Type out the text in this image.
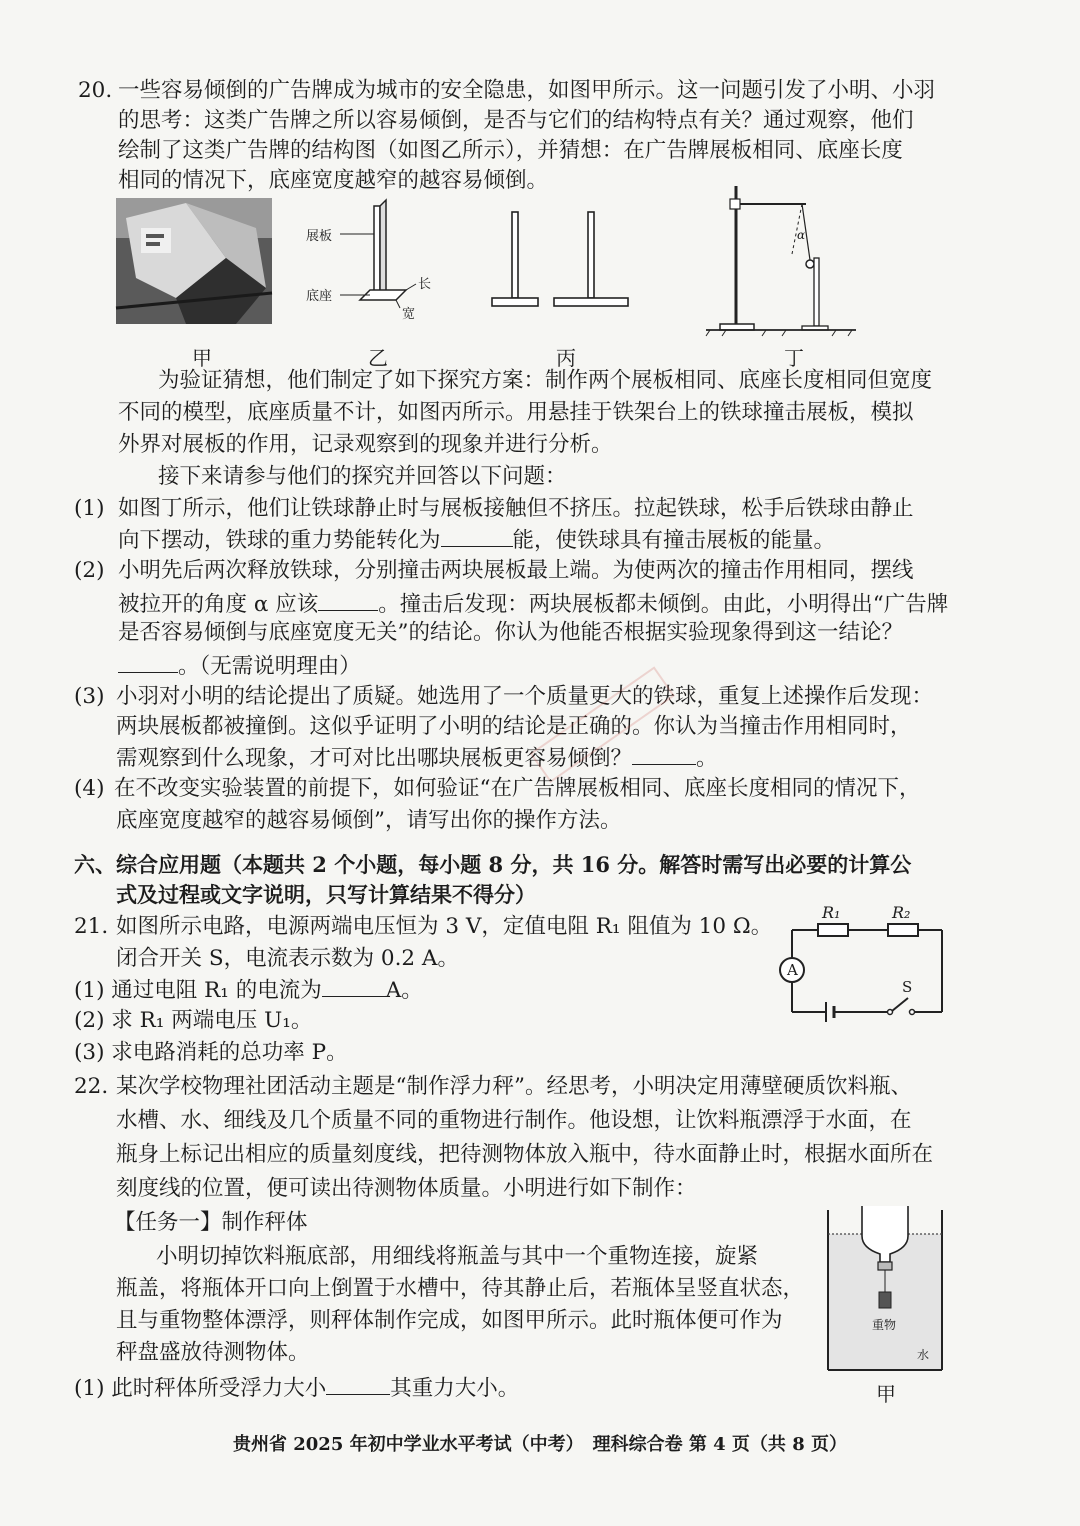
20. 一些容易倾倒的广告牌成为城市的安全隐患，如图甲所示。这一问题引发了小明、小羽
的思考：这类广告牌之所以容易倾倒，是否与它们的结构特点有关？通过观察，他们
绘制了这类广告牌的结构图（如图乙所示），并猜想：在广告牌展板相同、底座长度
相同的情况下，底座宽度越窄的越容易倾倒。
甲
展板
底座
长
宽
乙	丙
α
丁
为验证猜想，他们制定了如下探究方案：制作两个展板相同、底座长度相同但宽度
不同的模型，底座质量不计，如图丙所示。用悬挂于铁架台上的铁球撞击展板，模拟
外界对展板的作用，记录观察到的现象并进行分析。
接下来请参与他们的探究并回答以下问题：
(1) 如图丁所示，他们让铁球静止时与展板接触但不挤压。拉起铁球，松手后铁球由静止
向下摆动，铁球的重力势能转化为	能，使铁球具有撞击展板的能量。
(2) 小明先后两次释放铁球，分别撞击两块展板最上端。为使两次的撞击作用相同，摆线
被拉开的角度 α 应该	。撞击后发现：两块展板都未倾倒。由此，小明得出“广告牌
是否容易倾倒与底座宽度无关”的结论。你认为他能否根据实验现象得到这一结论？
。（无需说明理由）
(3) 小羽对小明的结论提出了质疑。她选用了一个质量更大的铁球，重复上述操作后发现：
两块展板都被撞倒。这似乎证明了小明的结论是正确的。你认为当撞击作用相同时，
需观察到什么现象，才可对比出哪块展板更容易倾倒？	。
(4) 在不改变实验装置的前提下，如何验证“在广告牌展板相同、底座长度相同的情况下，
底座宽度越窄的越容易倾倒”，请写出你的操作方法。
六、综合应用题（本题共 2 个小题，每小题 8 分，共 16 分。解答时需写出必要的计算公
式及过程或文字说明，只写计算结果不得分）
21. 如图所示电路，电源两端电压恒为 3 V，定值电阻 R₁ 阻值为 10 Ω。
闭合开关 S，电流表示数为 0.2 A。
(1) 通过电阻 R₁ 的电流为	A。
(2) 求 R₁ 两端电压 U₁。
(3) 求电路消耗的总功率 P。
R₁	R₂
A
S
22. 某次学校物理社团活动主题是“制作浮力秤”。经思考，小明决定用薄壁硬质饮料瓶、
水槽、水、细线及几个质量不同的重物进行制作。他设想，让饮料瓶漂浮于水面，在
瓶身上标记出相应的质量刻度线，把待测物体放入瓶中，待水面静止时，根据水面所在
刻度线的位置，便可读出待测物体质量。小明进行如下制作：
【任务一】制作秤体
小明切掉饮料瓶底部，用细线将瓶盖与其中一个重物连接，旋紧
瓶盖，将瓶体开口向上倒置于水槽中，待其静止后，若瓶体呈竖直状态，
且与重物整体漂浮，则秤体制作完成，如图甲所示。此时瓶体便可作为
秤盘盛放待测物体。
(1) 此时秤体所受浮力大小	其重力大小。
重物
水
甲
贵州省 2025 年初中学业水平考试（中考）　理科综合卷 第 4 页（共 8 页）
